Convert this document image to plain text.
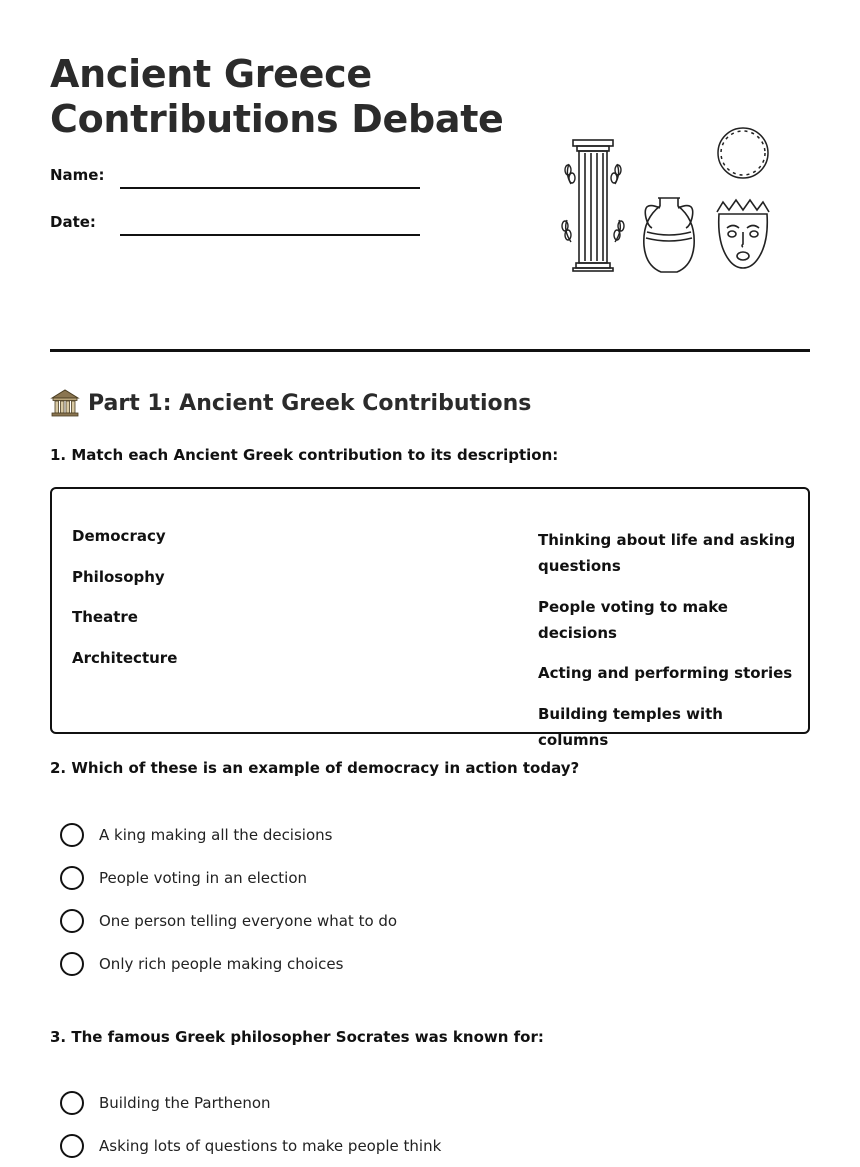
Ancient Greece
Contributions Debate
Name:
Date:
Part 1: Ancient Greek Contributions
1. Match each Ancient Greek contribution to its description:
Democracy
Philosophy
Theatre
Architecture
Thinking about life and asking questions
People voting to make decisions
Acting and performing stories
Building temples with columns
2. Which of these is an example of democracy in action today?
A king making all the decisions
People voting in an election
One person telling everyone what to do
Only rich people making choices
3. The famous Greek philosopher Socrates was known for:
Building the Parthenon
Asking lots of questions to make people think
